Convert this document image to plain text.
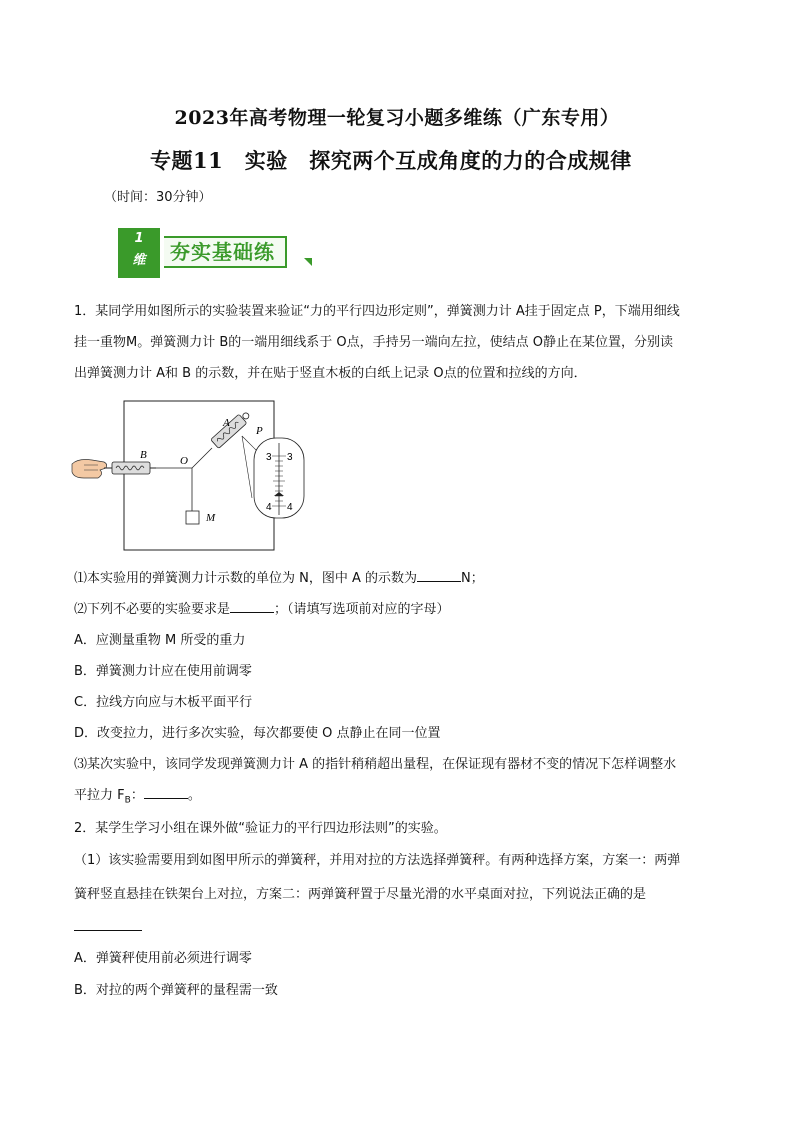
2023年高考物理一轮复习小题多维练（广东专用）
专题11　实验　探究两个互成角度的力的合成规律
（时间：30分钟）
1
维	夯实基础练
1．某同学用如图所示的实验装置来验证“力的平行四边形定则”，弹簧测力计 A挂于固定点 P，下端用细线
挂一重物M。弹簧测力计 B的一端用细线系于 O点，手持另一端向左拉，使结点 O静止在某位置，分别读
出弹簧测力计 A和 B 的示数，并在贴于竖直木板的白纸上记录 O点的位置和拉线的方向．
A
P
B	O
M
3 3
4 4
⑴本实验用的弹簧测力计示数的单位为 N，图中 A 的示数为	N；
⑵下列不必要的实验要求是	；（请填写选项前对应的字母）
A．应测量重物 M 所受的重力
B．弹簧测力计应在使用前调零
C．拉线方向应与木板平面平行
D．改变拉力，进行多次实验，每次都要使 O 点静止在同一位置
⑶某次实验中，该同学发现弹簧测力计 A 的指针稍稍超出量程，在保证现有器材不变的情况下怎样调整水
平拉力 $F_B$：	。
2．某学生学习小组在课外做“验证力的平行四边形法则”的实验。
（1）该实验需要用到如图甲所示的弹簧秤，并用对拉的方法选择弹簧秤。有两种选择方案，方案一：两弹
簧秤竖直悬挂在铁架台上对拉，方案二：两弹簧秤置于尽量光滑的水平桌面对拉，下列说法正确的是
A．弹簧秤使用前必须进行调零
B．对拉的两个弹簧秤的量程需一致
